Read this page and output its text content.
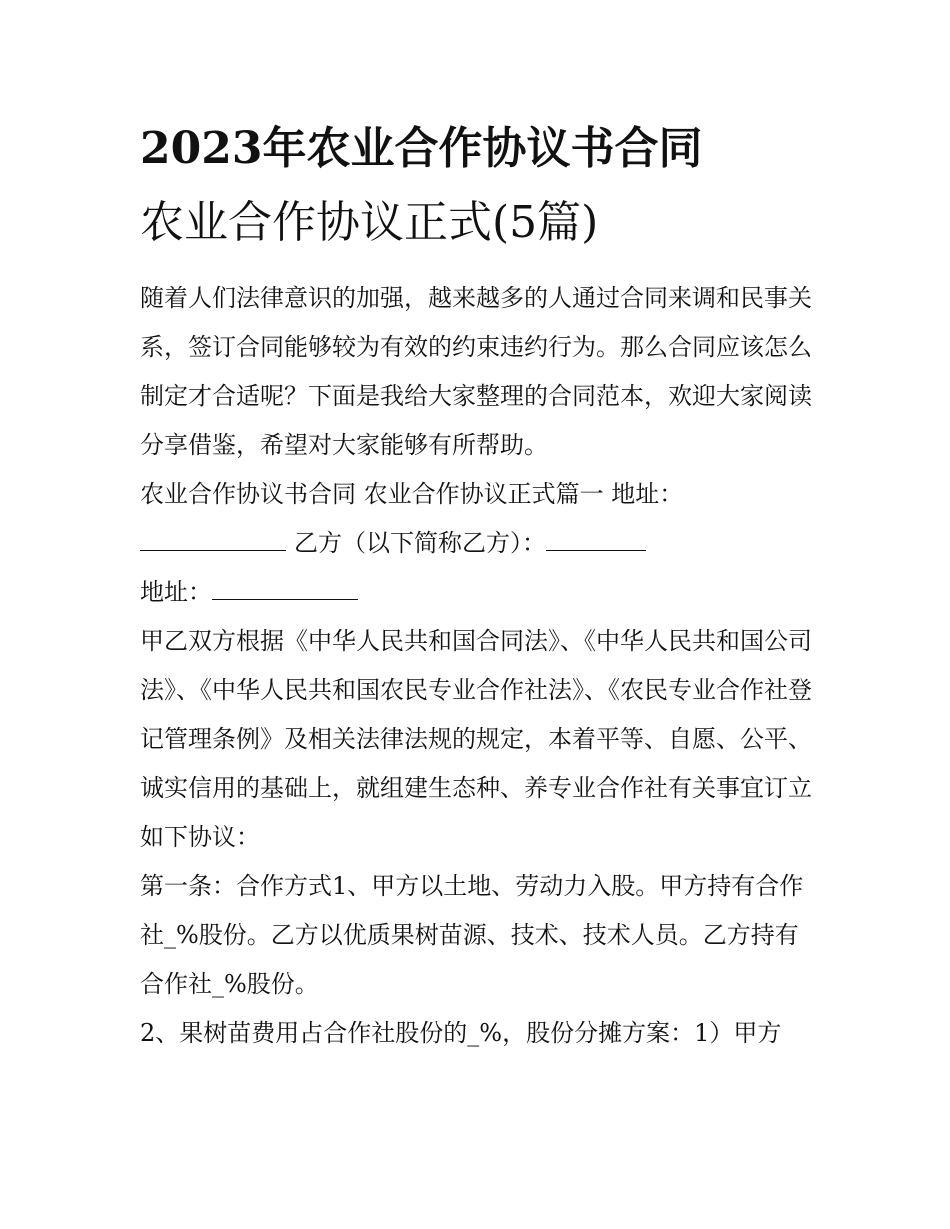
2023年农业合作协议书合同
农业合作协议正式(5篇)

随着人们法律意识的加强，越来越多的人通过合同来调和民事关系，签订合同能够较为有效的约束违约行为。那么合同应该怎么制定才合适呢？下面是我给大家整理的合同范本，欢迎大家阅读分享借鉴，希望对大家能够有所帮助。

农业合作协议书合同 农业合作协议正式篇一 地址：

乙方（以下简称乙方）：

地址：

甲乙双方根据《中华人民共和国合同法》、《中华人民共和国公司法》、《中华人民共和国农民专业合作社法》、《农民专业合作社登记管理条例》及相关法律法规的规定，本着平等、自愿、公平、诚实信用的基础上，就组建生态种、养专业合作社有关事宜订立如下协议：

第一条：合作方式1、甲方以土地、劳动力入股。甲方持有合作社_%股份。乙方以优质果树苗源、技术、技术人员。乙方持有合作社_%股份。

2、果树苗费用占合作社股份的_%，股份分摊方案：1）甲方
